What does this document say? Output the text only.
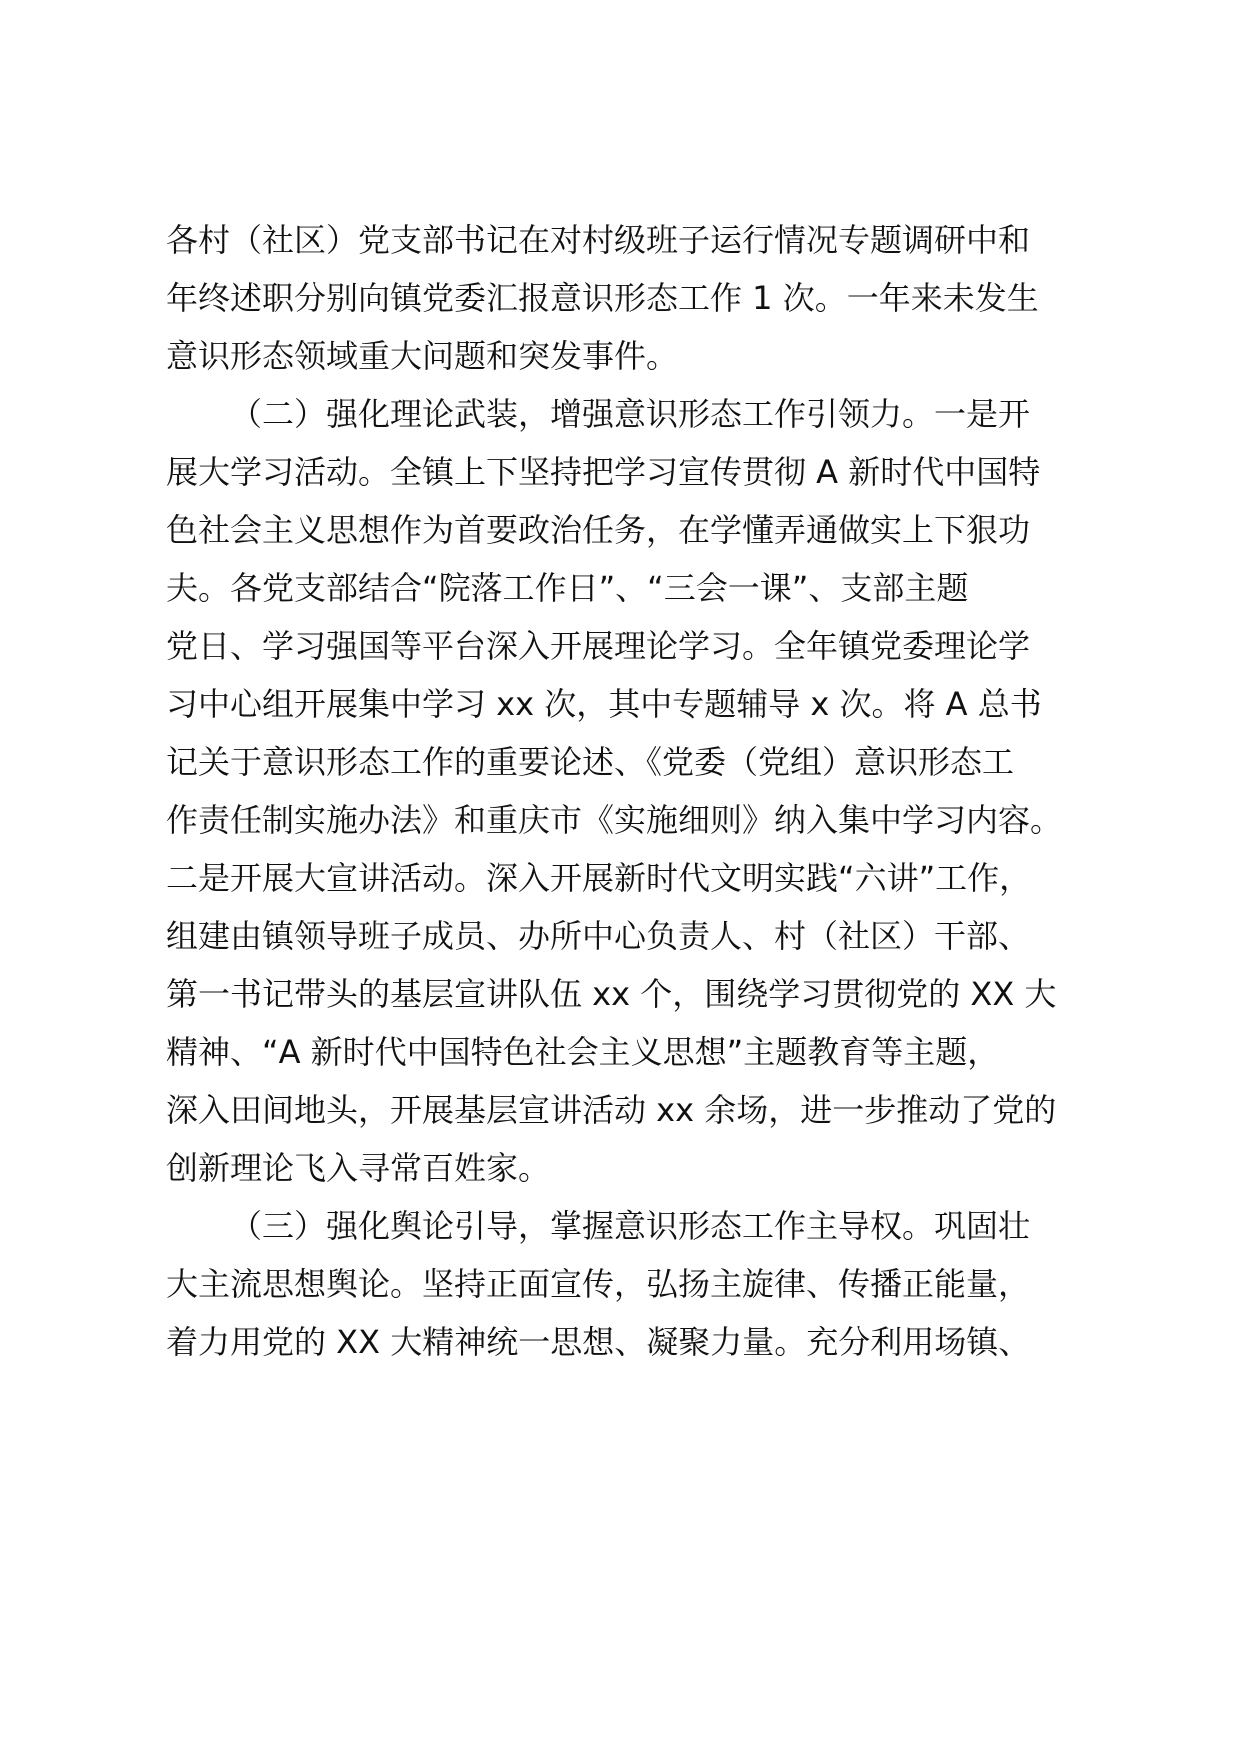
各村（社区）党支部书记在对村级班子运行情况专题调研中和
年终述职分别向镇党委汇报意识形态工作 1 次。一年来未发生
意识形态领域重大问题和突发事件。
（二）强化理论武装，增强意识形态工作引领力。一是开
展大学习活动。全镇上下坚持把学习宣传贯彻 A 新时代中国特
色社会主义思想作为首要政治任务，在学懂弄通做实上下狠功
夫。各党支部结合“院落工作日”、“三会一课”、支部主题
党日、学习强国等平台深入开展理论学习。全年镇党委理论学
习中心组开展集中学习 xx 次，其中专题辅导 x 次。将 A 总书
记关于意识形态工作的重要论述、《党委（党组）意识形态工
作责任制实施办法》和重庆市《实施细则》纳入集中学习内容。
二是开展大宣讲活动。深入开展新时代文明实践“六讲”工作，
组建由镇领导班子成员、办所中心负责人、村（社区）干部、
第一书记带头的基层宣讲队伍 xx 个，围绕学习贯彻党的 XX 大
精神、“A 新时代中国特色社会主义思想”主题教育等主题，
深入田间地头，开展基层宣讲活动 xx 余场，进一步推动了党的
创新理论飞入寻常百姓家。
（三）强化舆论引导，掌握意识形态工作主导权。巩固壮
大主流思想舆论。坚持正面宣传，弘扬主旋律、传播正能量，
着力用党的 XX 大精神统一思想、凝聚力量。充分利用场镇、
